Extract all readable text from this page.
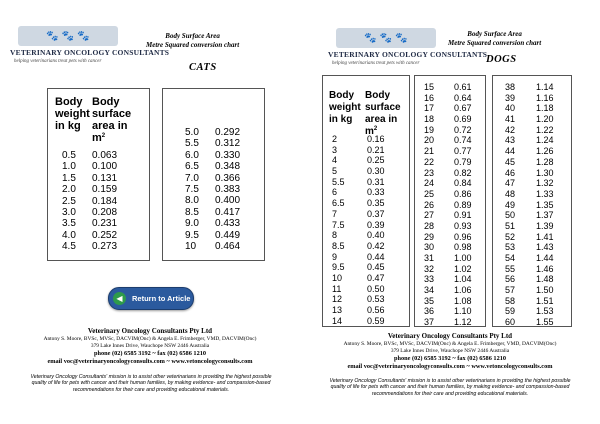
🐾 🐾 🐾
VETERINARY ONCOLOGY CONSULTANTS
helping veterinarians treat pets with cancer
Body Surface Area
Metre Squared conversion chart
CATS
Body
weight
in kg
Body
surface
area in
$m^2$
0.5
1.0
1.5
2.0
2.5
3.0
3.5
4.0
4.5
0.063
0.100
0.131
0.159
0.184
0.208
0.231
0.252
0.273
5.0
5.5
6.0
6.5
7.0
7.5
8.0
8.5
9.0
9.5
10
0.292
0.312
0.330
0.348
0.366
0.383
0.400
0.417
0.433
0.449
0.464
◀	Return to Article
Veterinary Oncology Consultants Pty Ltd
Antony S. Moore, BVSc, MVSc, DACVIM(Onc) & Angela E. Frimberger, VMD, DACVIM(Onc)
379 Lake Innes Drive, Wauchope NSW 2446 Australia
phone (02) 6585 3192 ~ fax (02) 6586 1210
email voc@veterinaryoncologyconsults.com ~ www.vetoncologyconsults.com
Veterinary Oncology Consultants' mission is to assist other veterinarians in providing the highest possible quality of life for pets with cancer and their human families, by making evidence- and compassion-based recommendations for their care and providing educational materials.
🐾 🐾 🐾
VETERINARY ONCOLOGY CONSULTANTS
helping veterinarians treat pets with cancer
Body Surface Area
Metre Squared conversion chart
DOGS
Body
weight
in kg
Body
surface
area in
$m^2$
2
3
4
5
5.5
6
6.5
7
7.5
8
8.5
9
9.5
10
11
12
13
14
0.16
0.21
0.25
0.30
0.31
0.33
0.35
0.37
0.39
0.40
0.42
0.44
0.45
0.47
0.50
0.53
0.56
0.59
15
16
17
18
19
20
21
22
23
24
25
26
27
28
29
30
31
32
33
34
35
36
37
0.61
0.64
0.67
0.69
0.72
0.74
0.77
0.79
0.82
0.84
0.86
0.89
0.91
0.93
0.96
0.98
1.00
1.02
1.04
1.06
1.08
1.10
1.12
38
39
40
41
42
43
44
45
46
47
48
49
50
51
52
53
54
55
56
57
58
59
60
1.14
1.16
1.18
1.20
1.22
1.24
1.26
1.28
1.30
1.32
1.33
1.35
1.37
1.39
1.41
1.43
1.44
1.46
1.48
1.50
1.51
1.53
1.55
Veterinary Oncology Consultants Pty Ltd
Antony S. Moore, BVSc, MVSc, DACVIM(Onc) & Angela E. Frimberger, VMD, DACVIM(Onc)
379 Lake Innes Drive, Wauchope NSW 2446 Australia
phone (02) 6585 3192 ~ fax (02) 6586 1210
email voc@veterinaryoncologyconsults.com ~ www.vetoncologyconsults.com
Veterinary Oncology Consultants' mission is to assist other veterinarians in providing the highest possible quality of life for pets with cancer and their human families, by making evidence- and compassion-based recommendations for their care and providing educational materials.
